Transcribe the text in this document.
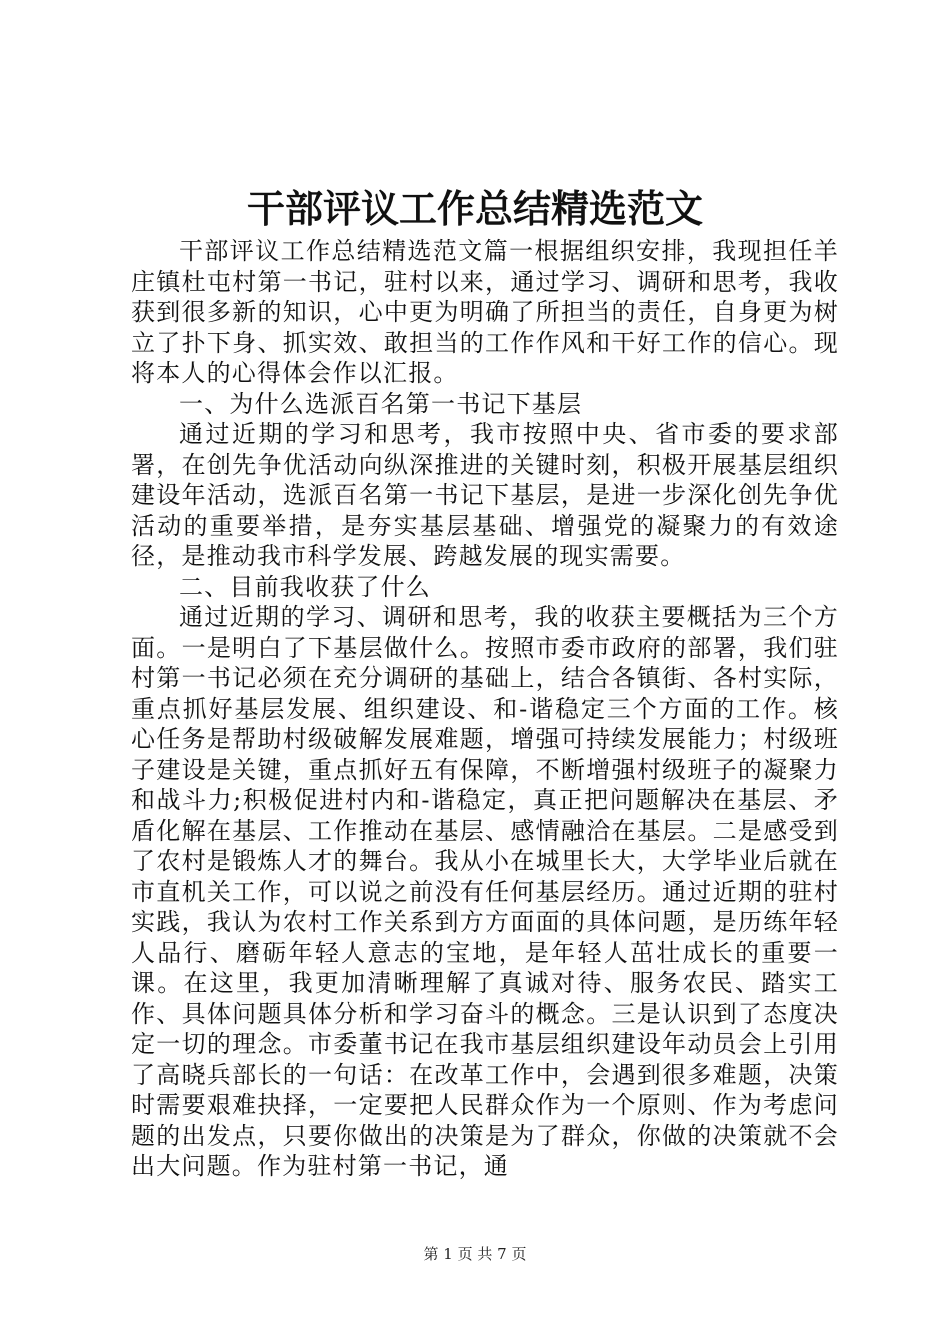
干部评议工作总结精选范文

干部评议工作总结精选范文篇一根据组织安排，我现担任羊庄镇杜屯村第一书记，驻村以来，通过学习、调研和思考，我收获到很多新的知识，心中更为明确了所担当的责任，自身更为树立了扑下身、抓实效、敢担当的工作作风和干好工作的信心。现将本人的心得体会作以汇报。

一、为什么选派百名第一书记下基层

通过近期的学习和思考，我市按照中央、省市委的要求部署，在创先争优活动向纵深推进的关键时刻，积极开展基层组织建设年活动，选派百名第一书记下基层，是进一步深化创先争优活动的重要举措，是夯实基层基础、增强党的凝聚力的有效途径，是推动我市科学发展、跨越发展的现实需要。

二、目前我收获了什么

通过近期的学习、调研和思考，我的收获主要概括为三个方面。一是明白了下基层做什么。按照市委市政府的部署，我们驻村第一书记必须在充分调研的基础上，结合各镇街、各村实际，重点抓好基层发展、组织建设、和-谐稳定三个方面的工作。核心任务是帮助村级破解发展难题，增强可持续发展能力；村级班子建设是关键，重点抓好五有保障，不断增强村级班子的凝聚力和战斗力;积极促进村内和-谐稳定，真正把问题解决在基层、矛盾化解在基层、工作推动在基层、感情融洽在基层。二是感受到了农村是锻炼人才的舞台。我从小在城里长大，大学毕业后就在市直机关工作，可以说之前没有任何基层经历。通过近期的驻村实践，我认为农村工作关系到方方面面的具体问题，是历练年轻人品行、磨砺年轻人意志的宝地，是年轻人茁壮成长的重要一课。在这里，我更加清晰理解了真诚对待、服务农民、踏实工作、具体问题具体分析和学习奋斗的概念。三是认识到了态度决定一切的理念。市委董书记在我市基层组织建设年动员会上引用了高晓兵部长的一句话：在改革工作中，会遇到很多难题，决策时需要艰难抉择，一定要把人民群众作为一个原则、作为考虑问题的出发点，只要你做出的决策是为了群众，你做的决策就不会出大问题。作为驻村第一书记，通

第 1 页 共 7 页
